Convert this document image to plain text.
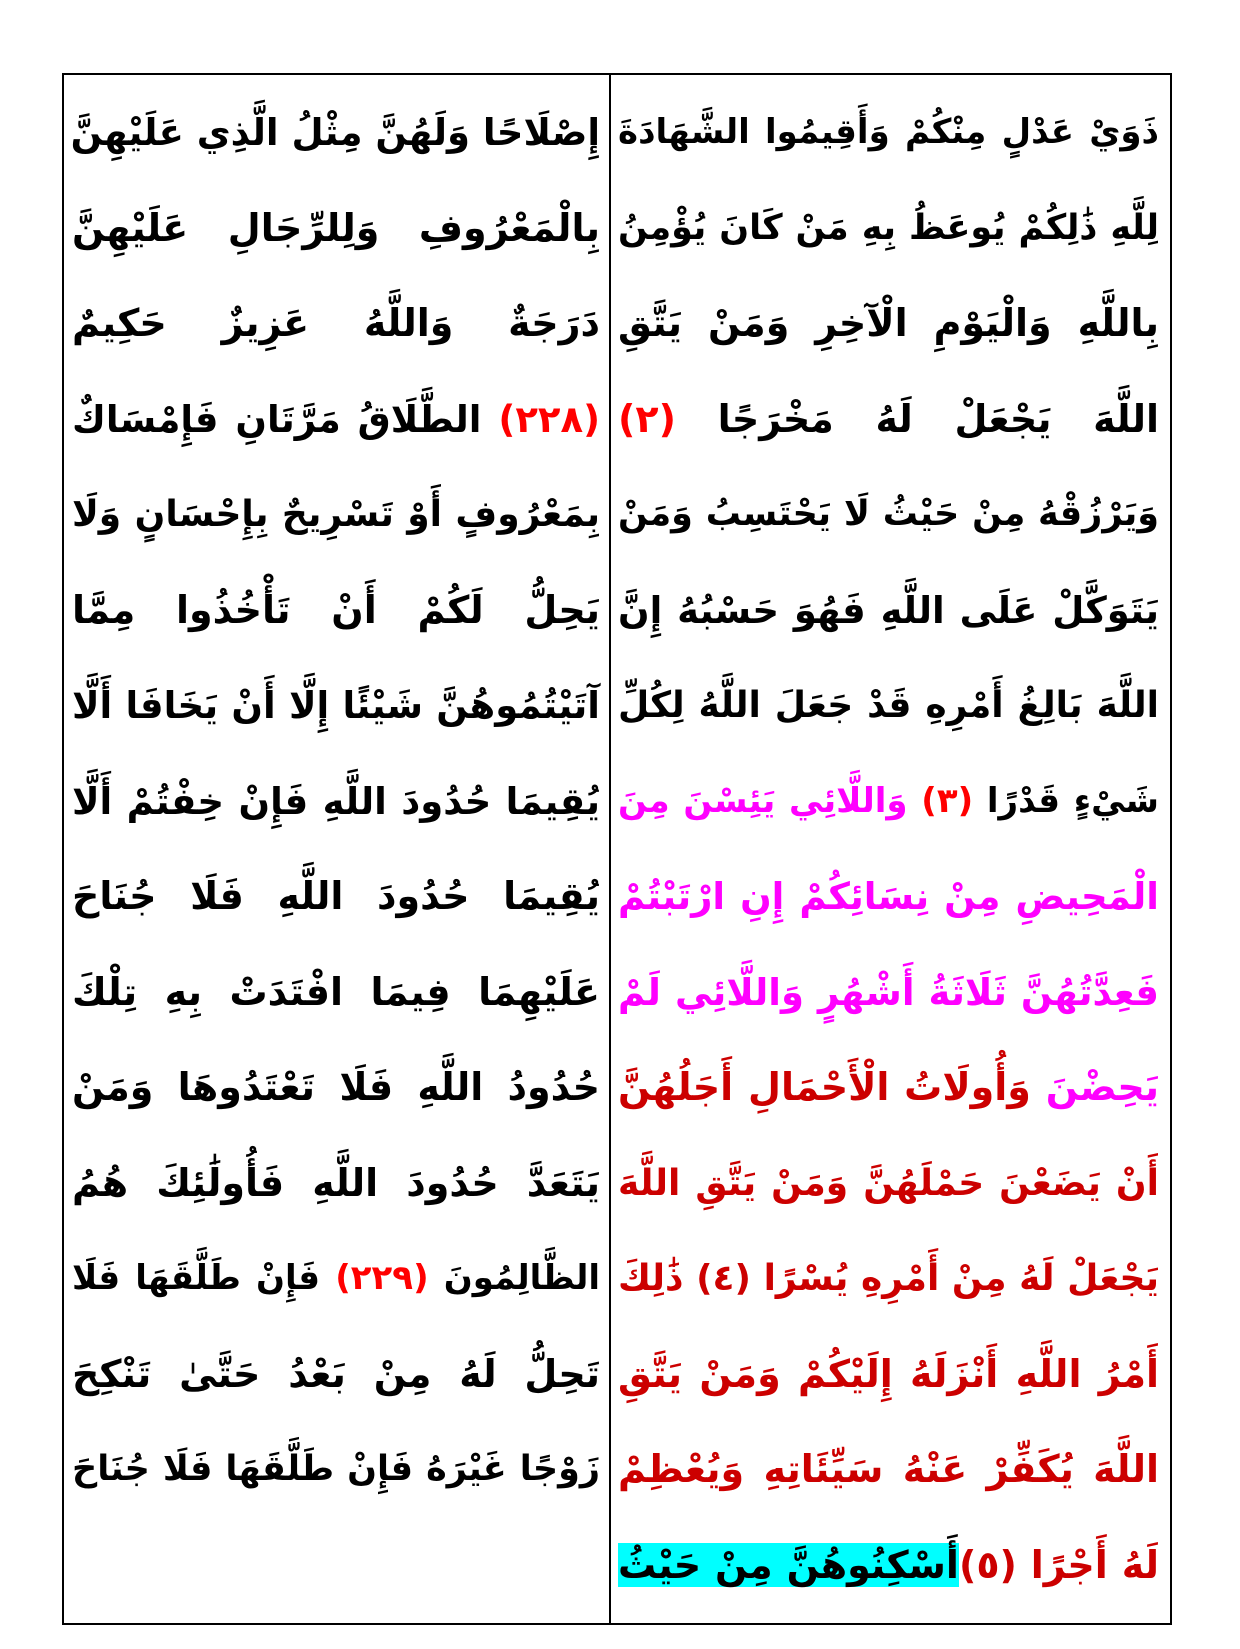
ذَوَيْ عَدْلٍ مِنْكُمْ وَأَقِيمُوا الشَّهَادَةَ
لِلَّهِ ذَٰلِكُمْ يُوعَظُ بِهِ مَنْ كَانَ يُؤْمِنُ
بِاللَّهِ وَالْيَوْمِ الْآخِرِ وَمَنْ يَتَّقِ
اللَّهَ يَجْعَلْ لَهُ مَخْرَجًا (٢)
وَيَرْزُقْهُ مِنْ حَيْثُ لَا يَحْتَسِبُ وَمَنْ
يَتَوَكَّلْ عَلَى اللَّهِ فَهُوَ حَسْبُهُ إِنَّ
اللَّهَ بَالِغُ أَمْرِهِ قَدْ جَعَلَ اللَّهُ لِكُلِّ
شَيْءٍ قَدْرًا (٣) وَاللَّائِي يَئِسْنَ مِنَ
الْمَحِيضِ مِنْ نِسَائِكُمْ إِنِ ارْتَبْتُمْ
فَعِدَّتُهُنَّ ثَلَاثَةُ أَشْهُرٍ وَاللَّائِي لَمْ
يَحِضْنَ وَأُولَاتُ الْأَحْمَالِ أَجَلُهُنَّ
أَنْ يَضَعْنَ حَمْلَهُنَّ وَمَنْ يَتَّقِ اللَّهَ
يَجْعَلْ لَهُ مِنْ أَمْرِهِ يُسْرًا (٤) ذَٰلِكَ
أَمْرُ اللَّهِ أَنْزَلَهُ إِلَيْكُمْ وَمَنْ يَتَّقِ
اللَّهَ يُكَفِّرْ عَنْهُ سَيِّئَاتِهِ وَيُعْظِمْ
لَهُ أَجْرًا (٥)أَسْكِنُوهُنَّ مِنْ حَيْثُ
إِصْلَاحًا وَلَهُنَّ مِثْلُ الَّذِي عَلَيْهِنَّ
بِالْمَعْرُوفِ وَلِلرِّجَالِ عَلَيْهِنَّ
دَرَجَةٌ وَاللَّهُ عَزِيزٌ حَكِيمٌ
(٢٢٨) الطَّلَاقُ مَرَّتَانِ فَإِمْسَاكٌ
بِمَعْرُوفٍ أَوْ تَسْرِيحٌ بِإِحْسَانٍ وَلَا
يَحِلُّ لَكُمْ أَنْ تَأْخُذُوا مِمَّا
آتَيْتُمُوهُنَّ شَيْئًا إِلَّا أَنْ يَخَافَا أَلَّا
يُقِيمَا حُدُودَ اللَّهِ فَإِنْ خِفْتُمْ أَلَّا
يُقِيمَا حُدُودَ اللَّهِ فَلَا جُنَاحَ
عَلَيْهِمَا فِيمَا افْتَدَتْ بِهِ تِلْكَ
حُدُودُ اللَّهِ فَلَا تَعْتَدُوهَا وَمَنْ
يَتَعَدَّ حُدُودَ اللَّهِ فَأُولَٰئِكَ هُمُ
الظَّالِمُونَ (٢٢٩) فَإِنْ طَلَّقَهَا فَلَا
تَحِلُّ لَهُ مِنْ بَعْدُ حَتَّىٰ تَنْكِحَ
زَوْجًا غَيْرَهُ فَإِنْ طَلَّقَهَا فَلَا جُنَاحَ
